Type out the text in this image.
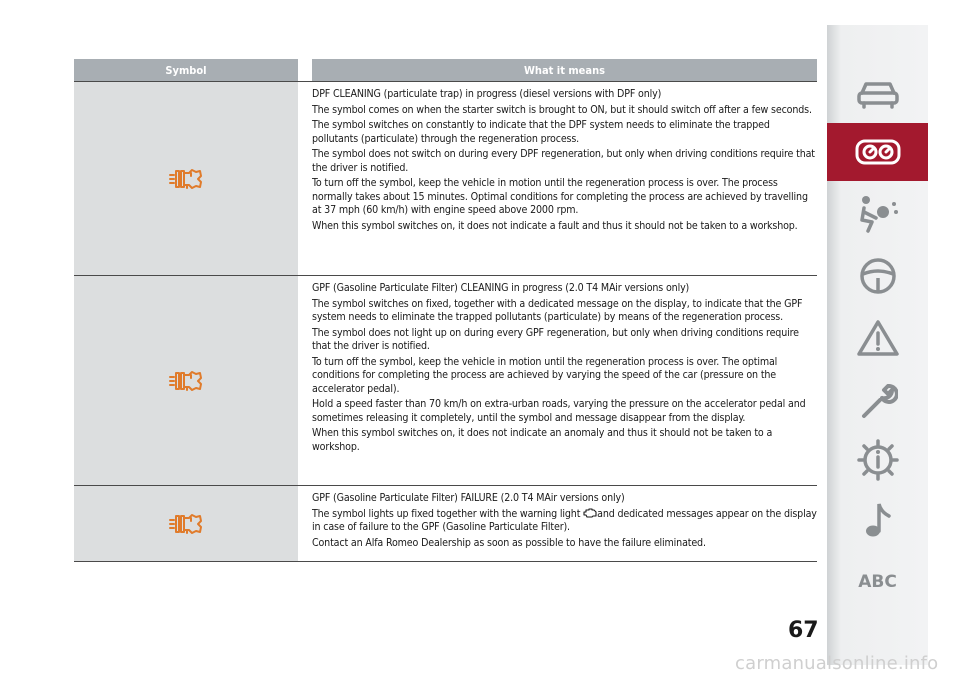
Symbol	What it means

DPF CLEANING (particulate trap) in progress (diesel versions with DPF only)

The symbol comes on when the starter switch is brought to ON, but it should switch off after a few seconds.

The symbol switches on constantly to indicate that the DPF system needs to eliminate the trapped pollutants (particulate) through the regeneration process.

The symbol does not switch on during every DPF regeneration, but only when driving conditions require that the driver is notified.

To turn off the symbol, keep the vehicle in motion until the regeneration process is over. The process normally takes about 15 minutes. Optimal conditions for completing the process are achieved by travelling at 37 mph (60 km/h) with engine speed above 2000 rpm.

When this symbol switches on, it does not indicate a fault and thus it should not be taken to a workshop.

GPF (Gasoline Particulate Filter) CLEANING in progress (2.0 T4 MAir versions only)

The symbol switches on fixed, together with a dedicated message on the display, to indicate that the GPF system needs to eliminate the trapped pollutants (particulate) by means of the regeneration process.

The symbol does not light up on during every GPF regeneration, but only when driving conditions require that the driver is notified.

To turn off the symbol, keep the vehicle in motion until the regeneration process is over. The optimal conditions for completing the process are achieved by varying the speed of the car (pressure on the accelerator pedal).

Hold a speed faster than 70 km/h on extra-urban roads, varying the pressure on the accelerator pedal and sometimes releasing it completely, until the symbol and message disappear from the display.

When this symbol switches on, it does not indicate an anomaly and thus it should not be taken to a workshop.

GPF (Gasoline Particulate Filter) FAILURE (2.0 T4 MAir versions only)

The symbol lights up fixed together with the warning light and dedicated messages appear on the display in case of failure to the GPF (Gasoline Particulate Filter).

Contact an Alfa Romeo Dealership as soon as possible to have the failure eliminated.

ABC
67
carmanualsonline.info
